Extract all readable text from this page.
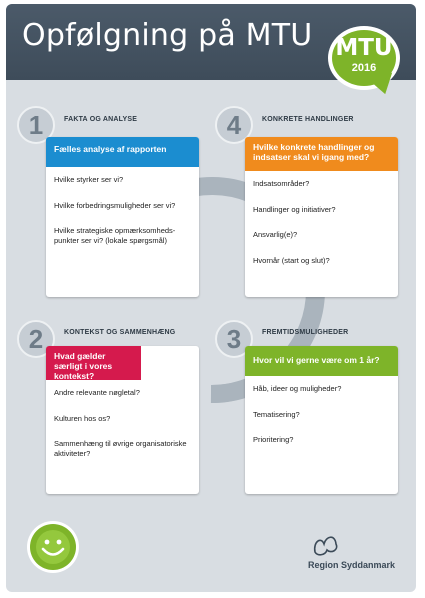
Opfølgning på MTU MTU
2016
1	FAKTA OG ANALYSE
Fælles analyse af rapporten
Hvilke styrker ser vi?
Hvilke forbedringsmuligheder ser vi?
Hvilke strategiske opmærksomheds-punkter ser vi? (lokale spørgsmål)
4	KONKRETE HANDLINGER
Hvilke konkrete handlinger og indsatser skal vi igang med?
Indsatsområder?
Handlinger og initiativer?
Ansvarlig(e)?
Hvornår (start og slut)?
2	KONTEKST OG SAMMENHÆNG
Hvad gælder særligt i vores kontekst?
Andre relevante nøgletal?
Kulturen hos os?
Sammenhæng til øvrige organisatoriske aktiviteter?
3	FREMTIDSMULIGHEDER
Hvor vil vi gerne være om 1 år?
Håb, ideer og muligheder?
Tematisering?
Prioritering?
Region Syddanmark
